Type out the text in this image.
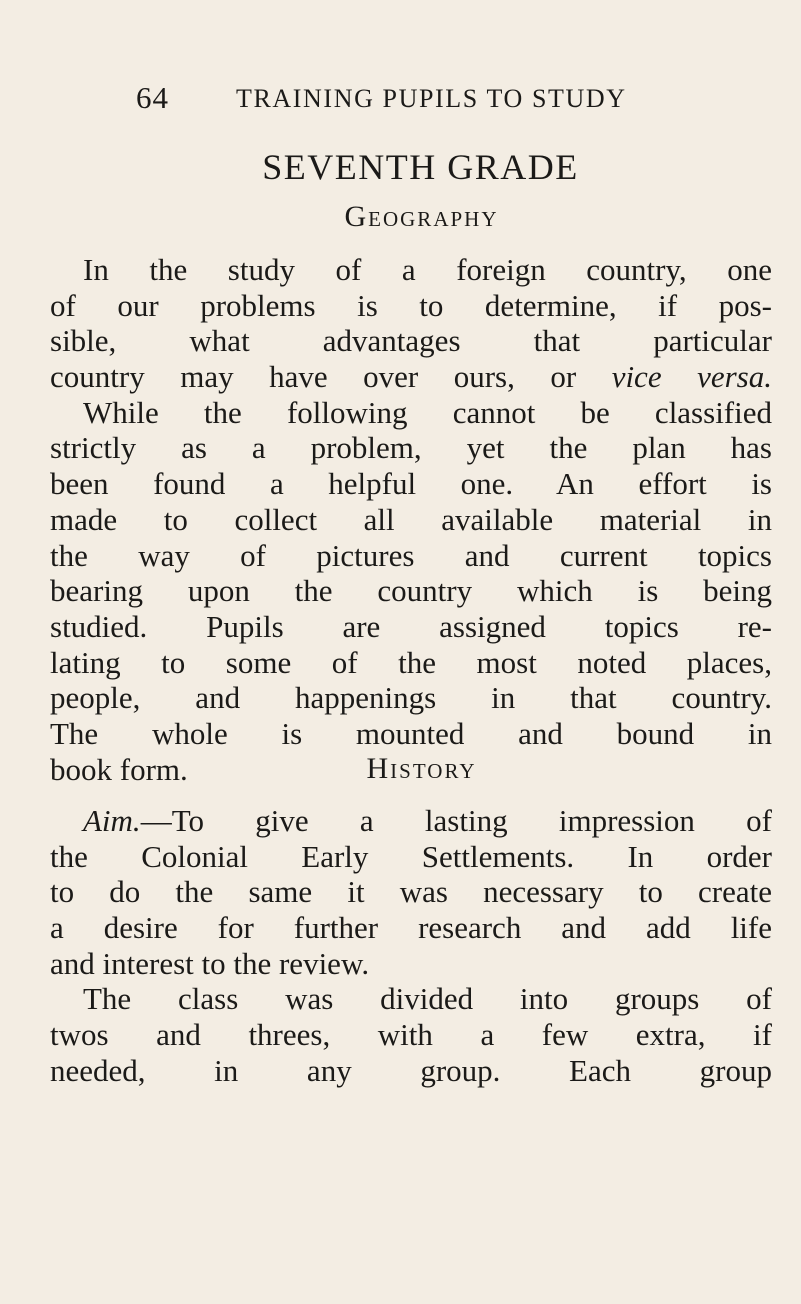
64	TRAINING PUPILS TO STUDY
SEVENTH GRADE
Geography
In the study of a foreign country, one
of our problems is to determine, if pos-
sible, what advantages that particular
country may have over ours, or vice versa.
While the following cannot be classified
strictly as a problem, yet the plan has
been found a helpful one. An effort is
made to collect all available material in
the way of pictures and current topics
bearing upon the country which is being
studied. Pupils are assigned topics re-
lating to some of the most noted places,
people, and happenings in that country.
The whole is mounted and bound in
book form.	History
Aim.—To give a lasting impression of
the Colonial Early Settlements. In order
to do the same it was necessary to create
a desire for further research and add life
and interest to the review.
The class was divided into groups of
twos and threes, with a few extra, if
needed, in any group. Each group
